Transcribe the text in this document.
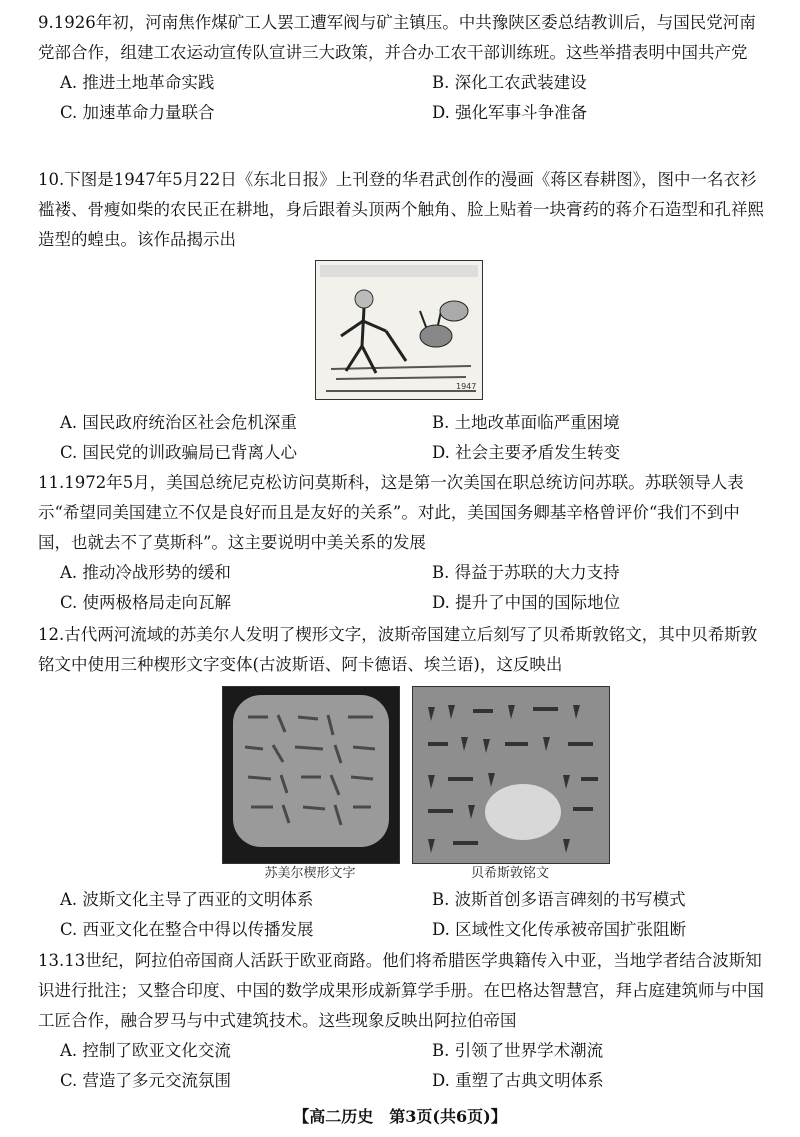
9.1926年初，河南焦作煤矿工人罢工遭军阀与矿主镇压。中共豫陕区委总结教训后，与国民党河南党部合作，组建工农运动宣传队宣讲三大政策，并合办工农干部训练班。这些举措表明中国共产党
A. 推进土地革命实践	B. 深化工农武装建设
C. 加速革命力量联合	D. 强化军事斗争准备
10.下图是1947年5月22日《东北日报》上刊登的华君武创作的漫画《蒋区春耕图》，图中一名衣衫褴褛、骨瘦如柴的农民正在耕地，身后跟着头顶两个触角、脸上贴着一块膏药的蒋介石造型和孔祥熙造型的蝗虫。该作品揭示出
1947
A. 国民政府统治区社会危机深重	B. 土地改革面临严重困境
C. 国民党的训政骗局已背离人心	D. 社会主要矛盾发生转变
11.1972年5月，美国总统尼克松访问莫斯科，这是第一次美国在职总统访问苏联。苏联领导人表示“希望同美国建立不仅是良好而且是友好的关系”。对此，美国国务卿基辛格曾评价“我们不到中国，也就去不了莫斯科”。这主要说明中美关系的发展
A. 推动冷战形势的缓和	B. 得益于苏联的大力支持
C. 使两极格局走向瓦解	D. 提升了中国的国际地位
12.古代两河流域的苏美尔人发明了楔形文字，波斯帝国建立后刻写了贝希斯敦铭文，其中贝希斯敦铭文中使用三种楔形文字变体(古波斯语、阿卡德语、埃兰语)，这反映出
苏美尔楔形文字	贝希斯敦铭文
A. 波斯文化主导了西亚的文明体系	B. 波斯首创多语言碑刻的书写模式
C. 西亚文化在整合中得以传播发展	D. 区域性文化传承被帝国扩张阻断
13.13世纪，阿拉伯帝国商人活跃于欧亚商路。他们将希腊医学典籍传入中亚，当地学者结合波斯知识进行批注；又整合印度、中国的数学成果形成新算学手册。在巴格达智慧宫，拜占庭建筑师与中国工匠合作，融合罗马与中式建筑技术。这些现象反映出阿拉伯帝国
A. 控制了欧亚文化交流	B. 引领了世界学术潮流
C. 营造了多元交流氛围	D. 重塑了古典文明体系
【高二历史　第3页(共6页)】
